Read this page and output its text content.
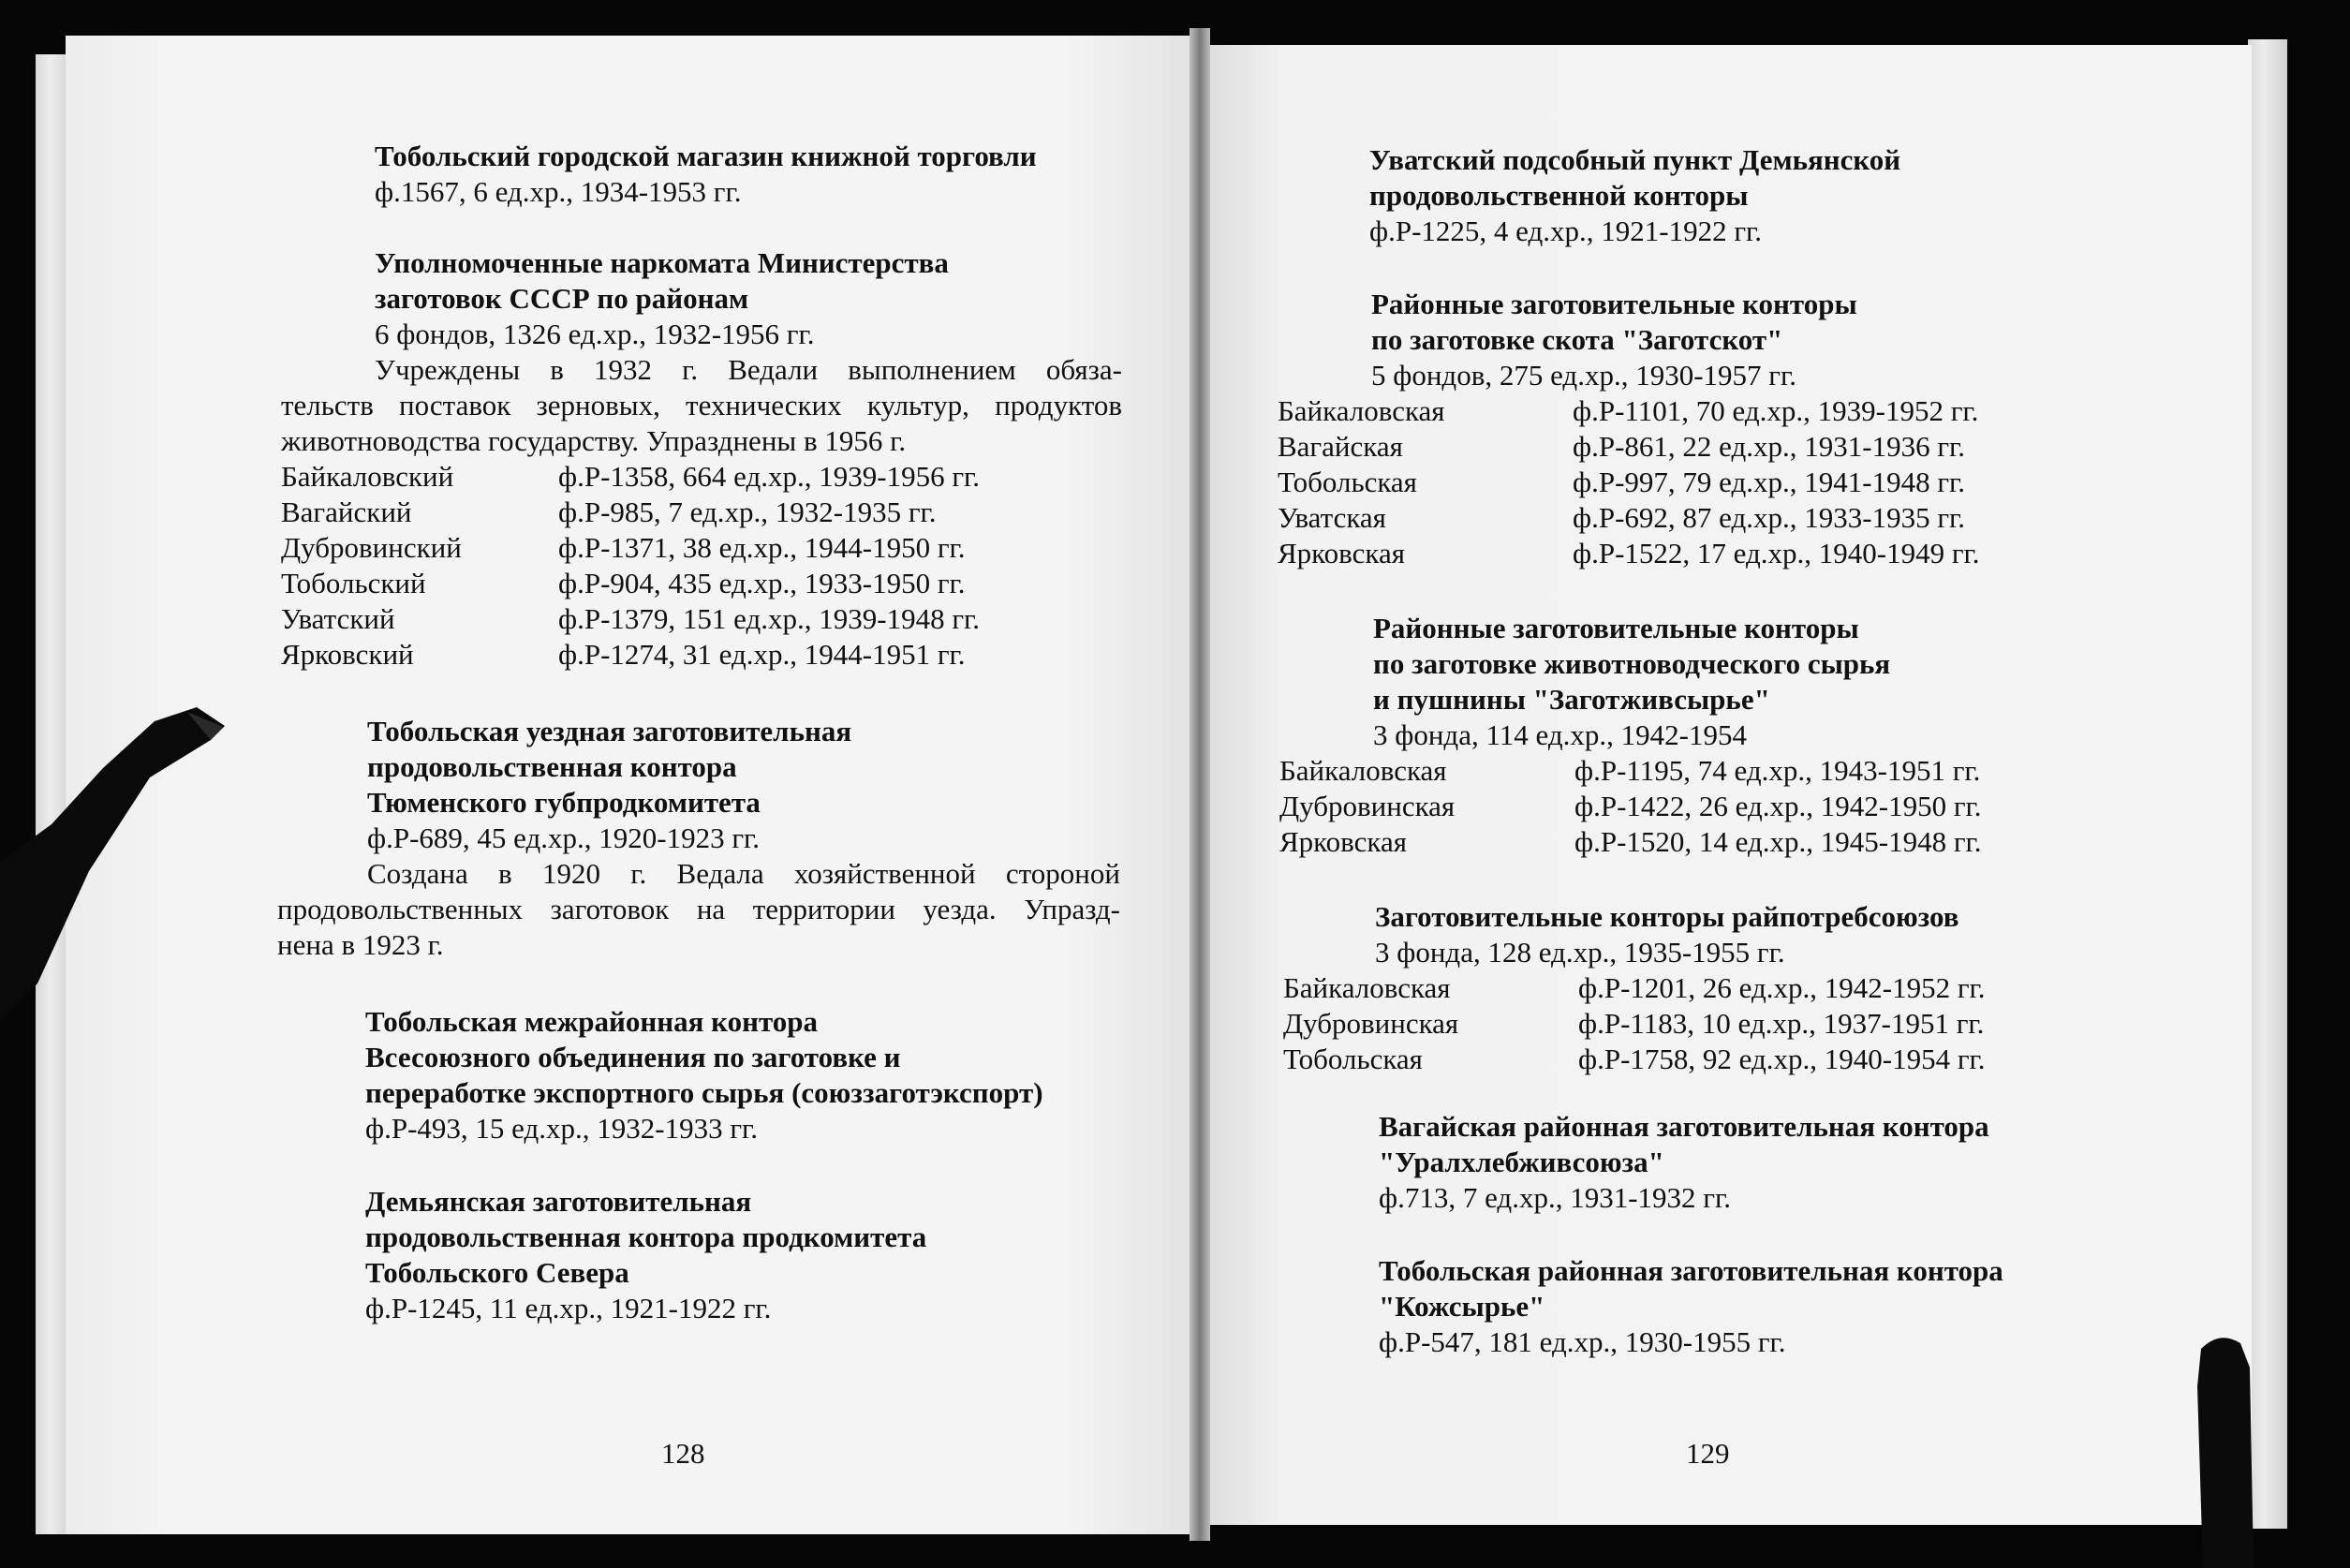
Тобольский городской магазин книжной торговли
ф.1567, 6 ед.хр., 1934-1953 гг.
Уполномоченные наркомата Министерства
заготовок СССР по районам
6 фондов, 1326 ед.хр., 1932-1956 гг.
Учреждены в 1932 г. Ведали выполнением обяза-
тельств поставок зерновых, технических культур, продуктов
животноводства государству. Упразднены в 1956 г.
Байкаловский	ф.Р-1358, 664 ед.хр., 1939-1956 гг.
Вагайский	ф.Р-985, 7 ед.хр., 1932-1935 гг.
Дубровинский	ф.Р-1371, 38 ед.хр., 1944-1950 гг.
Тобольский	ф.Р-904, 435 ед.хр., 1933-1950 гг.
Уватский	ф.Р-1379, 151 ед.хр., 1939-1948 гг.
Ярковский	ф.Р-1274, 31 ед.хр., 1944-1951 гг.
Тобольская уездная заготовительная
продовольственная контора
Тюменского губпродкомитета
ф.Р-689, 45 ед.хр., 1920-1923 гг.
Создана в 1920 г. Ведала хозяйственной стороной
продовольственных заготовок на территории уезда. Упразд-
нена в 1923 г.
Тобольская межрайонная контора
Всесоюзного объединения по заготовке и
переработке экспортного сырья (союззаготэкспорт)
ф.Р-493, 15 ед.хр., 1932-1933 гг.
Демьянская заготовительная
продовольственная контора продкомитета
Тобольского Севера
ф.Р-1245, 11 ед.хр., 1921-1922 гг.
128
Уватский подсобный пункт Демьянской
продовольственной конторы
ф.Р-1225, 4 ед.хр., 1921-1922 гг.
Районные заготовительные конторы
по заготовке скота "Заготскот"
5 фондов, 275 ед.хр., 1930-1957 гг.
Байкаловская	ф.Р-1101, 70 ед.хр., 1939-1952 гг.
Вагайская	ф.Р-861, 22 ед.хр., 1931-1936 гг.
Тобольская	ф.Р-997, 79 ед.хр., 1941-1948 гг.
Уватская	ф.Р-692, 87 ед.хр., 1933-1935 гг.
Ярковская	ф.Р-1522, 17 ед.хр., 1940-1949 гг.
Районные заготовительные конторы
по заготовке животноводческого сырья
и пушнины "Заготживсырье"
3 фонда, 114 ед.хр., 1942-1954
Байкаловская	ф.Р-1195, 74 ед.хр., 1943-1951 гг.
Дубровинская	ф.Р-1422, 26 ед.хр., 1942-1950 гг.
Ярковская	ф.Р-1520, 14 ед.хр., 1945-1948 гг.
Заготовительные конторы райпотребсоюзов
3 фонда, 128 ед.хр., 1935-1955 гг.
Байкаловская	ф.Р-1201, 26 ед.хр., 1942-1952 гг.
Дубровинская	ф.Р-1183, 10 ед.хр., 1937-1951 гг.
Тобольская	ф.Р-1758, 92 ед.хр., 1940-1954 гг.
Вагайская районная заготовительная контора
"Уралхлебживсоюза"
ф.713, 7 ед.хр., 1931-1932 гг.
Тобольская районная заготовительная контора
"Кожсырье"
ф.Р-547, 181 ед.хр., 1930-1955 гг.
129
